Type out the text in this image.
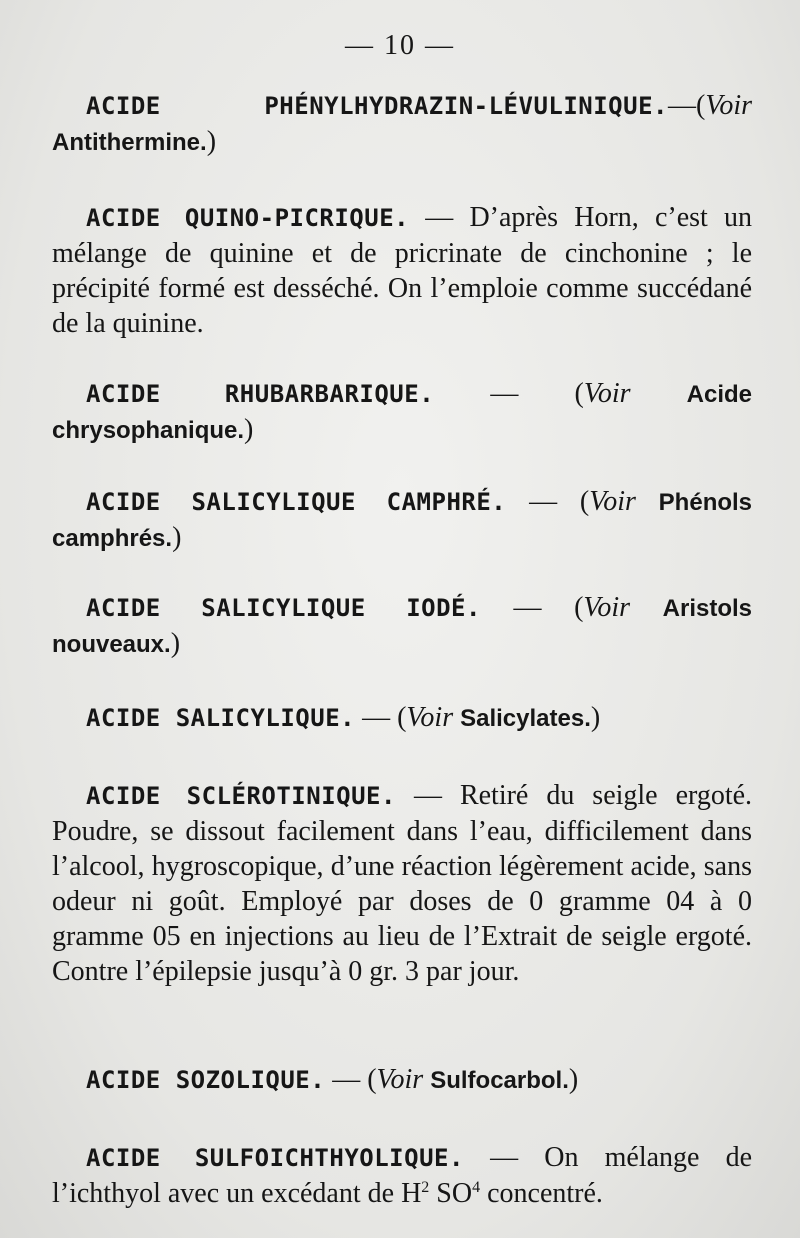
— 10 —

ACIDE PHÉNYLHYDRAZIN-LÉVULINIQUE.—(Voir Antithermine.)

ACIDE QUINO-PICRIQUE. — D’après Horn, c’est un mélange de quinine et de pricrinate de cinchonine ; le précipité formé est desséché. On l’emploie comme succédané de la quinine.

ACIDE RHUBARBARIQUE. — (Voir Acide chrysophanique.)

ACIDE SALICYLIQUE CAMPHRÉ. — (Voir Phénols camphrés.)

ACIDE SALICYLIQUE IODÉ. — (Voir Aristols nouveaux.)

ACIDE SALICYLIQUE. — (Voir Salicylates.)

ACIDE SCLÉROTINIQUE. — Retiré du seigle ergoté. Poudre, se dissout facilement dans l’eau, difficilement dans l’alcool, hygroscopique, d’une réaction légèrement acide, sans odeur ni goût. Employé par doses de 0 gramme 04 à 0 gramme 05 en injections au lieu de l’Extrait de seigle ergoté. Contre l’épilepsie jusqu’à 0 gr. 3 par jour.

ACIDE SOZOLIQUE. — (Voir Sulfocarbol.)

ACIDE SULFOICHTHYOLIQUE. — On mélange de l’ichthyol avec un excédant de $H^2$ $SO^4$ concentré.
